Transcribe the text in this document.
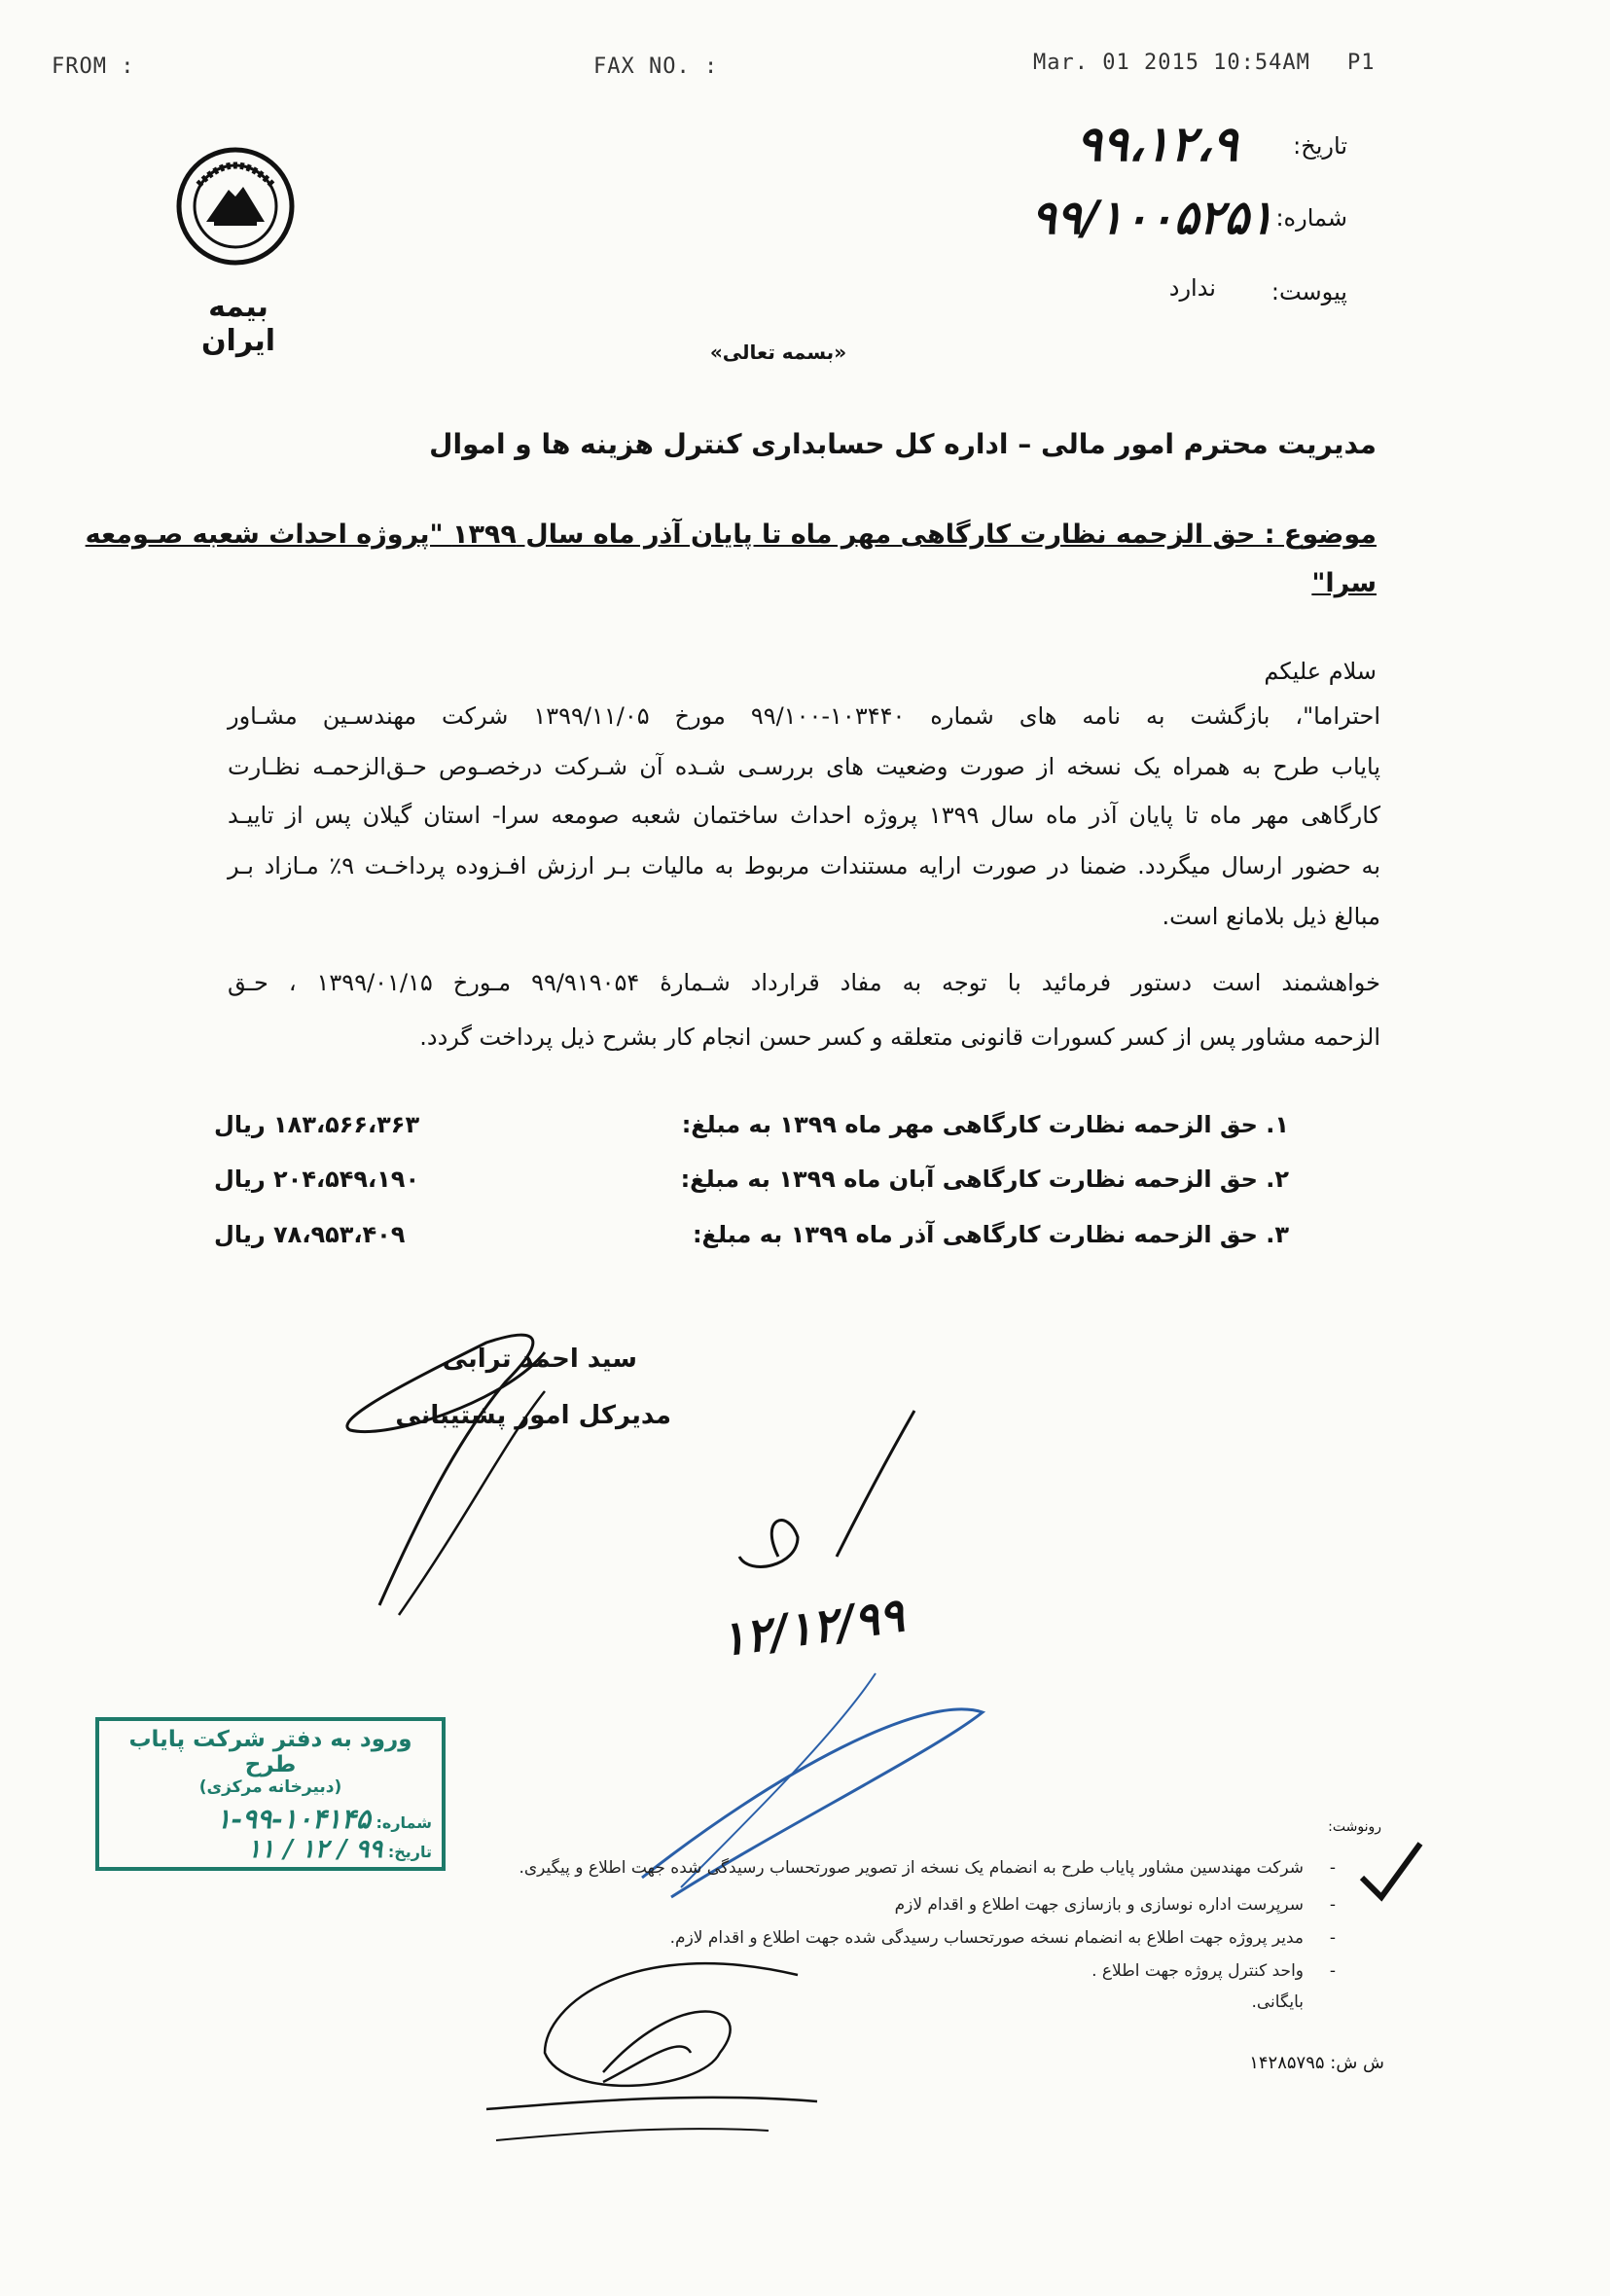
FROM :	FAX NO. :	Mar. 01 2015 10:54AM P1
بیمه ایران
تاریخ:
۹۹،۱۲،۹
شماره:
۹۹/۱۰۰۵۲۵۱
پیوست:
ندارد
«بسمه تعالی»
مدیریت محترم امور مالی – اداره کل حسابداری کنترل هزینه ها و اموال
موضوع : حق الزحمه نظارت کارگاهی مهر ماه تا پایان آذر ماه سال ۱۳۹۹ "پروژه احداث شعبه صـومعه
سرا"
سلام علیکم
احتراما"، بازگشت به نامه های شماره ۱۰۳۴۴۰-۹۹/۱۰۰ مورخ ۱۳۹۹/۱۱/۰۵ شرکت مهندسـین مشـاور
پایاب طرح به همراه یک نسخه از صورت وضعیت های بررسـی شـده آن شـرکت درخصـوص حـق‌الزحمـه نظـارت
کارگاهی مهر ماه تا پایان آذر ماه سال ۱۳۹۹ پروژه احداث ساختمان شعبه صومعه سرا- استان گیلان پس از تاییـد
به حضور ارسال میگردد. ضمنا در صورت ارایه مستندات مربوط به مالیات بـر ارزش افـزوده پرداخـت ۹٪ مـازاد بـر
مبالغ ذیل بلامانع است.
خواهشمند است دستور فرمائید با توجه به مفاد قرارداد شـمارهٔ ۹۹/۹۱۹۰۵۴ مـورخ ۱۳۹۹/۰۱/۱۵ ، حـق
الزحمه مشاور پس از کسر کسورات قانونی متعلقه و کسر حسن انجام کار بشرح ذیل پرداخت گردد.
۱. حق الزحمه نظارت کارگاهی مهر ماه ۱۳۹۹ به مبلغ:
۱۸۳،۵۶۶،۳۶۳ ریال
۲. حق الزحمه نظارت کارگاهی آبان ماه ۱۳۹۹ به مبلغ:
۲۰۴،۵۴۹،۱۹۰ ریال
۳. حق الزحمه نظارت کارگاهی آذر ماه ۱۳۹۹ به مبلغ:
۷۸،۹۵۳،۴۰۹ ریال
سید احمد ترابی
مدیرکل امور پشتیبانی
۱۲/۱۲/۹۹
ورود به دفتر شرکت پایاب طرح
(دبیرخانه مرکزی)
شماره: ۱۰۴۱۴۵-۹۹-۱
تاریخ: ۹۹ / ۱۲ / ۱۱
رونوشت:
-
شرکت مهندسین مشاور پایاب طرح به انضمام یک نسخه از تصویر صورتحساب رسیدگی شده جهت اطلاع و پیگیری.
-
سرپرست اداره نوسازی و بازسازی جهت اطلاع و اقدام لازم
-
مدیر پروژه جهت اطلاع به انضمام نسخه صورتحساب رسیدگی شده جهت اطلاع و اقدام لازم.
-
واحد کنترل پروژه جهت اطلاع .
بایگانی.
ش ش: ۱۴۲۸۵۷۹۵
